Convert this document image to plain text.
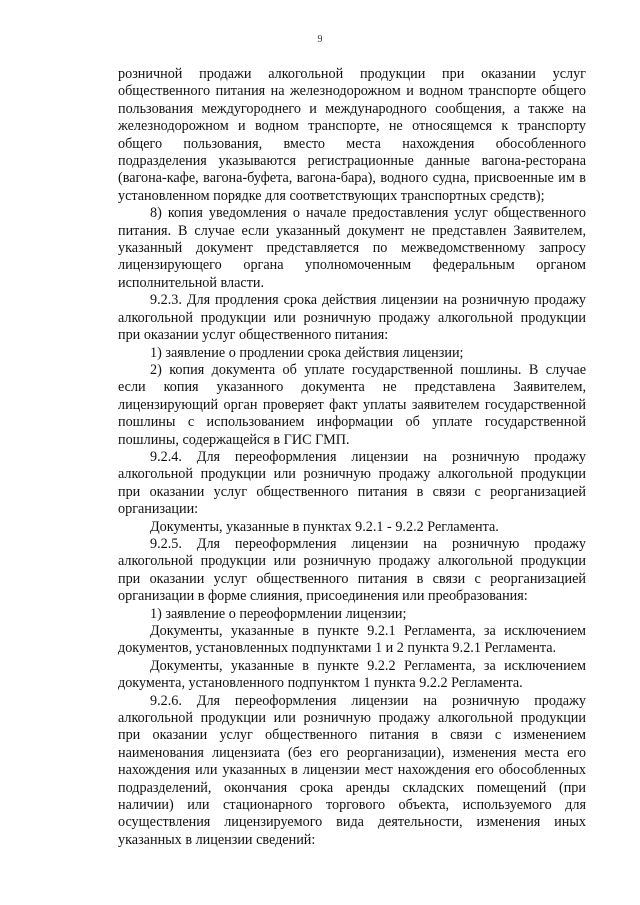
9

розничной продажи алкогольной продукции при оказании услуг общественного питания на железнодорожном и водном транспорте общего пользования междугороднего и международного сообщения, а также на железнодорожном и водном транспорте, не относящемся к транспорту общего пользования, вместо места нахождения обособленного подразделения указываются регистрационные данные вагона-ресторана (вагона-кафе, вагона-буфета, вагона-бара), водного судна, присвоенные им в установленном порядке для соответствующих транспортных средств);

8) копия уведомления о начале предоставления услуг общественного питания. В случае если указанный документ не представлен Заявителем, указанный документ представляется по межведомственному запросу лицензирующего органа уполномоченным федеральным органом исполнительной власти.

9.2.3. Для продления срока действия лицензии на розничную продажу алкогольной продукции или розничную продажу алкогольной продукции при оказании услуг общественного питания:

1) заявление о продлении срока действия лицензии;

2) копия документа об уплате государственной пошлины. В случае если копия указанного документа не представлена Заявителем, лицензирующий орган проверяет факт уплаты заявителем государственной пошлины с использованием информации об уплате государственной пошлины, содержащейся в ГИС ГМП.

9.2.4. Для переоформления лицензии на розничную продажу алкогольной продукции или розничную продажу алкогольной продукции при оказании услуг общественного питания в связи с реорганизацией организации:

Документы, указанные в пунктах 9.2.1 - 9.2.2 Регламента.

9.2.5. Для переоформления лицензии на розничную продажу алкогольной продукции или розничную продажу алкогольной продукции при оказании услуг общественного питания в связи с реорганизацией организации в форме слияния, присоединения или преобразования:

1) заявление о переоформлении лицензии;

Документы, указанные в пункте 9.2.1 Регламента, за исключением документов, установленных подпунктами 1 и 2 пункта 9.2.1 Регламента.

Документы, указанные в пункте 9.2.2 Регламента, за исключением документа, установленного подпунктом 1 пункта 9.2.2 Регламента.

9.2.6. Для переоформления лицензии на розничную продажу алкогольной продукции или розничную продажу алкогольной продукции при оказании услуг общественного питания в связи с изменением наименования лицензиата (без его реорганизации), изменения места его нахождения или указанных в лицензии мест нахождения его обособленных подразделений, окончания срока аренды складских помещений (при наличии) или стационарного торгового объекта, используемого для осуществления лицензируемого вида деятельности, изменения иных указанных в лицензии сведений:
